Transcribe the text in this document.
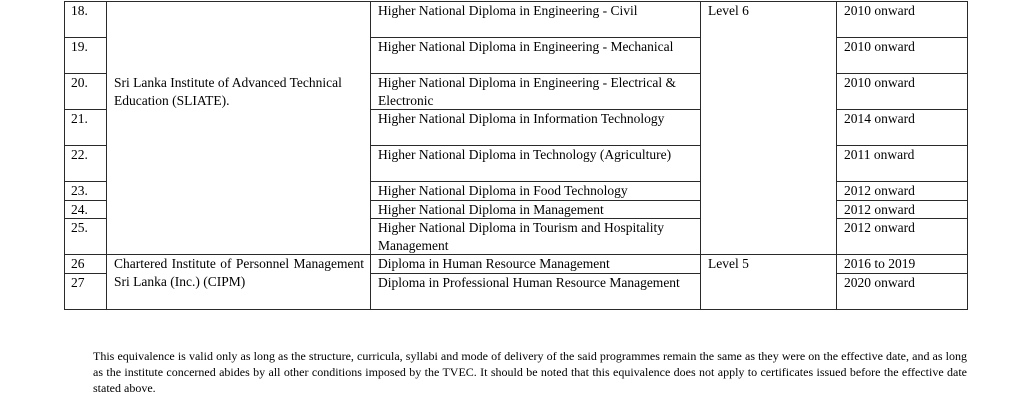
18.	Sri Lanka Institute of Advanced Technical Education (SLIATE).	Higher National Diploma in Engineering - Civil	Level 6	2010 onward
19.		Higher National Diploma in Engineering - Mechanical		2010 onward
20.		Higher National Diploma in Engineering - Electrical & Electronic		2010 onward
21.		Higher National Diploma in Information Technology		2014 onward
22.		Higher National Diploma in Technology (Agriculture)		2011 onward
23.		Higher National Diploma in Food Technology		2012 onward
24.		Higher National Diploma in Management		2012 onward
25.		Higher National Diploma in Tourism and Hospitality Management		2012 onward
26	Chartered Institute of Personnel Management Sri Lanka (Inc.) (CIPM)	Diploma in Human Resource Management	Level 5	2016 to 2019
27		Diploma in Professional Human Resource Management		2020 onward

This equivalence is valid only as long as the structure, curricula, syllabi and mode of delivery of the said programmes remain the same as they were on the effective date, and as long as the institute concerned abides by all other conditions imposed by the TVEC. It should be noted that this equivalence does not apply to certificates issued before the effective date stated above.
